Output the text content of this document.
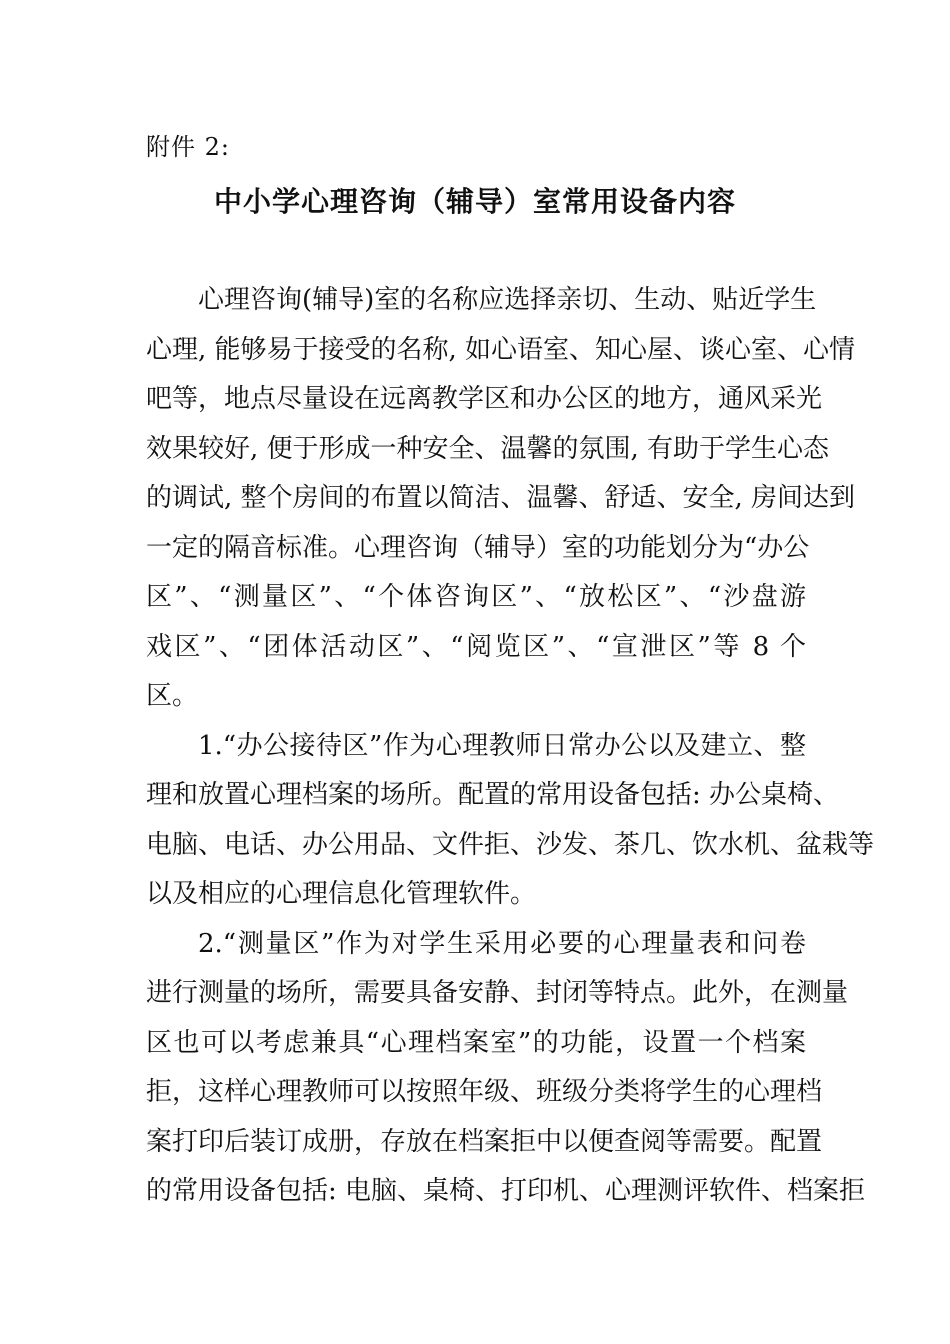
附件 2:
中小学心理咨询（辅导）室常用设备内容
心理咨询(辅导)室的名称应选择亲切、生动、贴近学生
心理, 能够易于接受的名称, 如心语室、知心屋、谈心室、心情
吧等，地点尽量设在远离教学区和办公区的地方，通风采光
效果较好, 便于形成一种安全、温馨的氛围, 有助于学生心态
的调试, 整个房间的布置以简洁、温馨、舒适、安全, 房间达到
一定的隔音标准。心理咨询（辅导）室的功能划分为“办公
区”、“测量区”、“个体咨询区”、“放松区”、“沙盘游
戏区”、“团体活动区”、“阅览区”、“宣泄区”等 8 个
区。
1.“办公接待区”作为心理教师日常办公以及建立、整
理和放置心理档案的场所。配置的常用设备包括: 办公桌椅、
电脑、电话、办公用品、文件拒、沙发、茶几、饮水机、盆栽等
以及相应的心理信息化管理软件。
2.“测量区”作为对学生采用必要的心理量表和问卷
进行测量的场所，需要具备安静、封闭等特点。此外，在测量
区也可以考虑兼具“心理档案室”的功能，设置一个档案
拒，这样心理教师可以按照年级、班级分类将学生的心理档
案打印后装订成册，存放在档案拒中以便查阅等需要。配置
的常用设备包括: 电脑、桌椅、打印机、心理测评软件、档案拒
